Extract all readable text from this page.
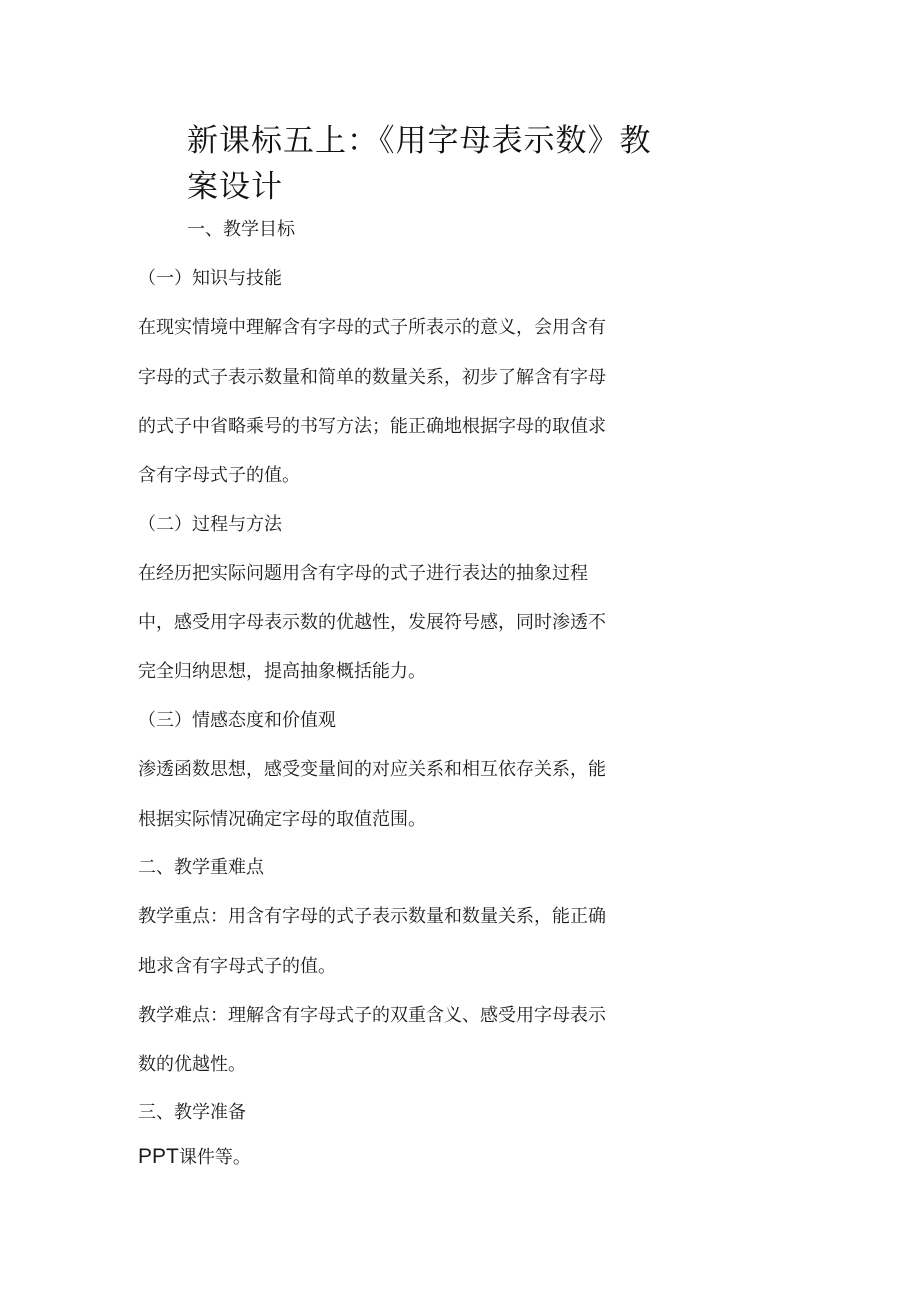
新课标五上：《用字母表示数》教
案设计

一、教学目标

（一）知识与技能

在现实情境中理解含有字母的式子所表示的意义，会用含有

字母的式子表示数量和简单的数量关系，初步了解含有字母

的式子中省略乘号的书写方法；能正确地根据字母的取值求

含有字母式子的值。

（二）过程与方法

在经历把实际问题用含有字母的式子进行表达的抽象过程

中，感受用字母表示数的优越性，发展符号感，同时渗透不

完全归纳思想，提高抽象概括能力。

（三）情感态度和价值观

渗透函数思想，感受变量间的对应关系和相互依存关系，能

根据实际情况确定字母的取值范围。

二、教学重难点

教学重点：用含有字母的式子表示数量和数量关系，能正确

地求含有字母式子的值。

教学难点：理解含有字母式子的双重含义、感受用字母表示

数的优越性。

三、教学准备

PPT课件等。
